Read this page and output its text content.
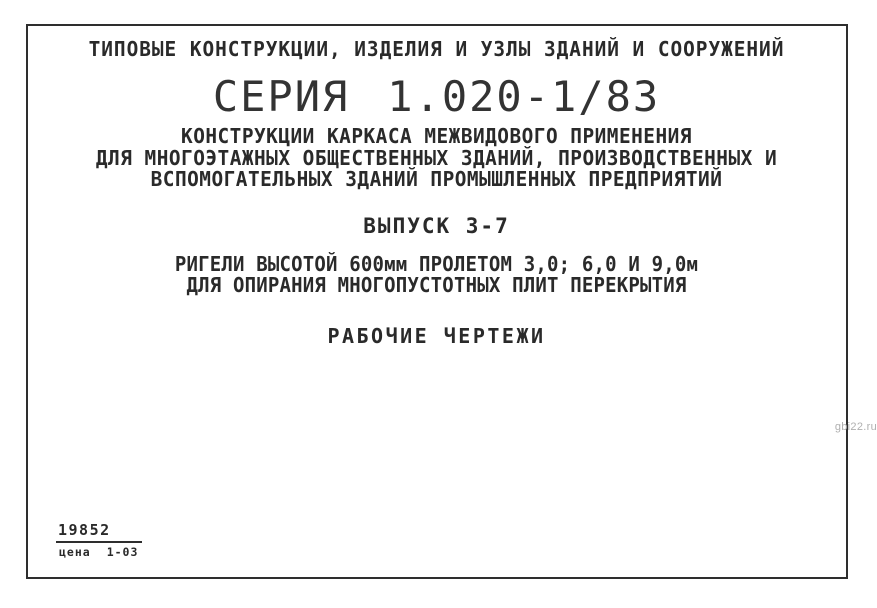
ТИПОВЫЕ КОНСТРУКЦИИ, ИЗДЕЛИЯ И УЗЛЫ ЗДАНИЙ И СООРУЖЕНИЙ
СЕРИЯ 1.020-1/83
КОНСТРУКЦИИ КАРКАСА МЕЖВИДОВОГО ПРИМЕНЕНИЯ
ДЛЯ МНОГОЭТАЖНЫХ ОБЩЕСТВЕННЫХ ЗДАНИЙ, ПРОИЗВОДСТВЕННЫХ И
ВСПОМОГАТЕЛЬНЫХ ЗДАНИЙ ПРОМЫШЛЕННЫХ ПРЕДПРИЯТИЙ
ВЫПУСК 3-7
РИГЕЛИ ВЫСОТОЙ 600мм ПРОЛЕТОМ 3,0; 6,0 И 9,0м
ДЛЯ ОПИРАНИЯ МНОГОПУСТОТНЫХ ПЛИТ ПЕРЕКРЫТИЯ
РАБОЧИЕ ЧЕРТЕЖИ
19852
цена 1-03
gbi22.ru
